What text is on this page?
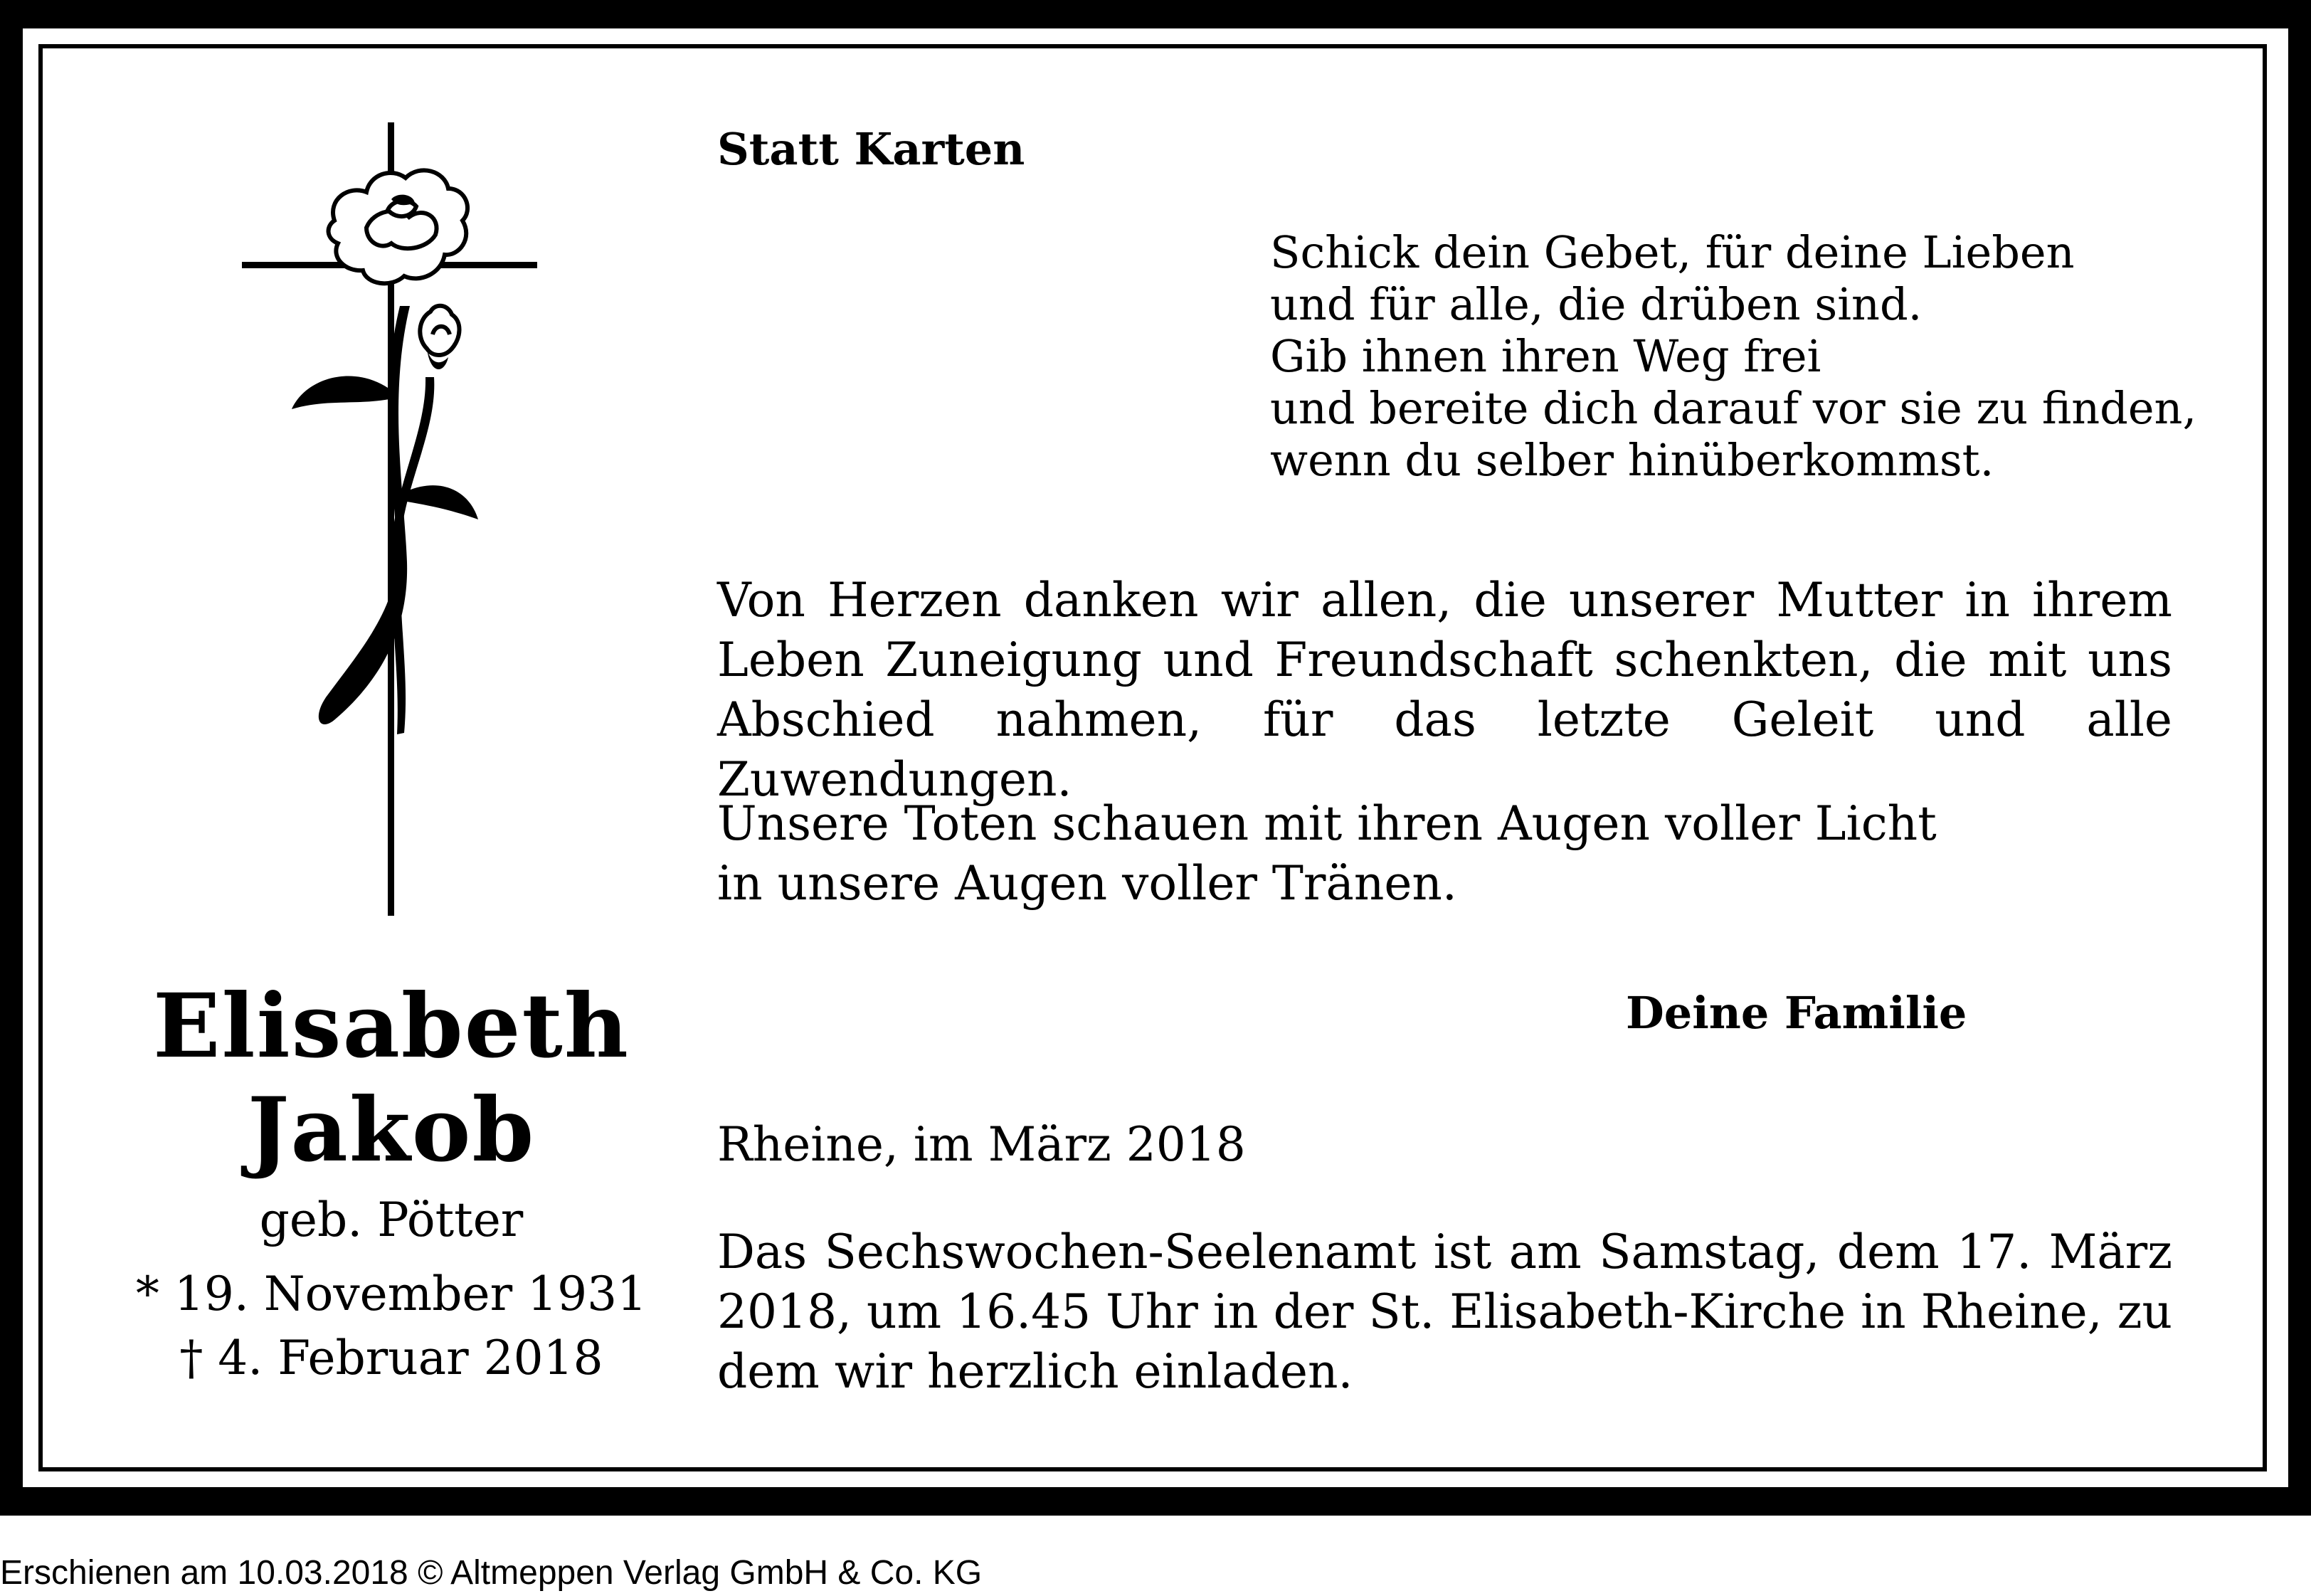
Statt Karten
Schick dein Gebet, für deine Lieben
und für alle, die drüben sind.
Gib ihnen ihren Weg frei
und bereite dich darauf vor sie zu finden,
wenn du selber hinüberkommst.
Von Herzen danken wir allen, die unserer Mutter in ihrem Leben Zuneigung und Freundschaft schenkten, die mit uns Abschied nahmen, für das letzte Geleit und alle Zuwendungen.
Unsere Toten schauen mit ihren Augen voller Licht
in unsere Augen voller Tränen.
Deine Familie
Rheine, im März 2018
Das Sechswochen-Seelenamt ist am Samstag, dem 17. März 2018, um 16.45 Uhr in der St. Elisabeth-Kirche in Rheine, zu dem wir herzlich einladen.
Elisabeth
Jakob
geb. Pötter
* 19. November 1931
† 4. Februar 2018
Erschienen am 10.03.2018 © Altmeppen Verlag GmbH & Co. KG
